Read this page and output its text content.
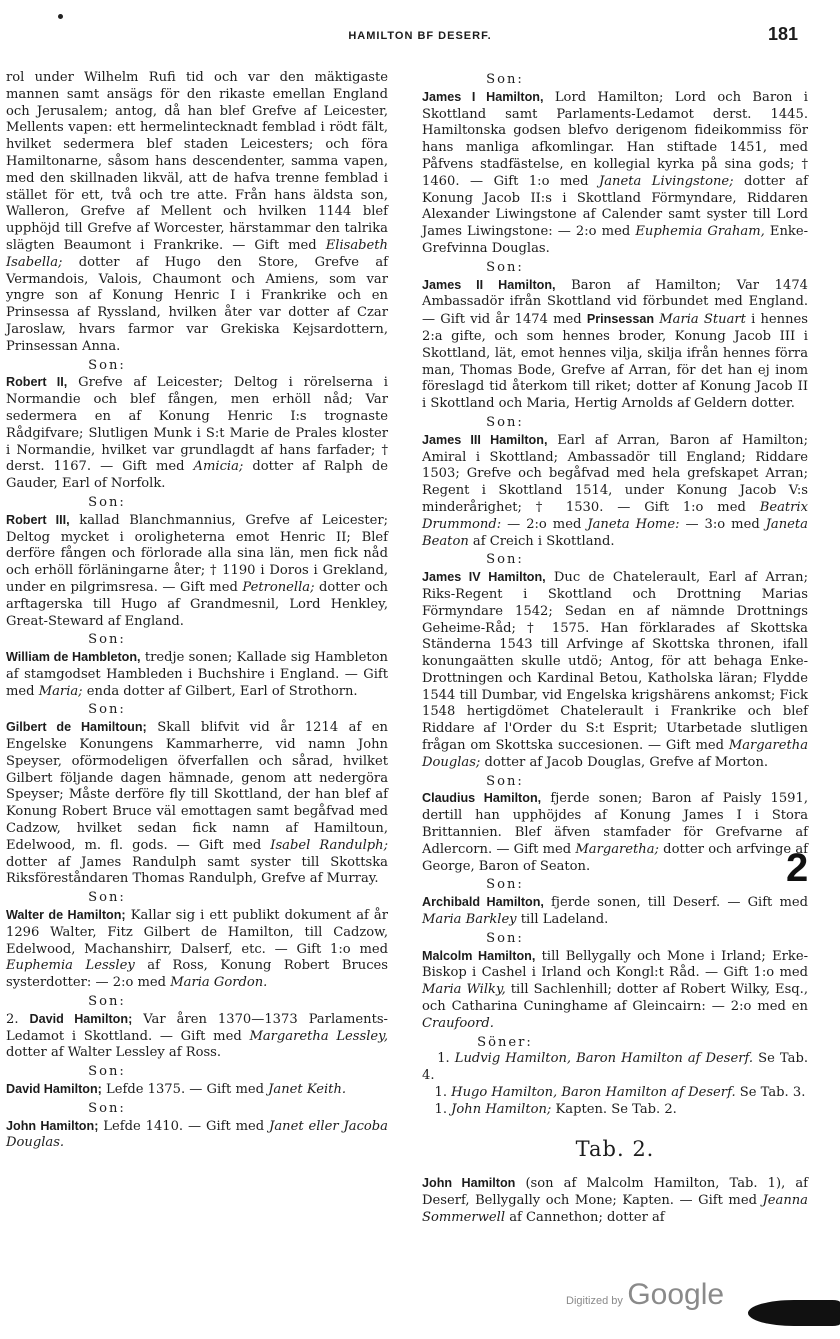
HAMILTON BF DESERF.	181
rol under Wilhelm Rufi tid och var den mäktigaste mannen samt ansägs för den rikaste emellan England och Jerusalem; antog, då han blef Grefve af Leicester, Mellents vapen: ett hermelintecknadt femblad i rödt fält, hvilket sedermera blef staden Leicesters; och föra Hamiltonarne, såsom hans descendenter, samma vapen, med den skillnaden likväl, att de hafva trenne femblad i stället för ett, två och tre atte. Från hans äldsta son, Walleron, Grefve af Mellent och hvilken 1144 blef upphöjd till Grefve af Worcester, härstammar den talrika slägten Beaumont i Frankrike. — Gift med Elisabeth Isabella; dotter af Hugo den Store, Grefve af Vermandois, Valois, Chaumont och Amiens, som var yngre son af Konung Henric I i Frankrike och en Prinsessa af Ryssland, hvilken åter var dotter af Czar Jaroslaw, hvars farmor var Grekiska Kejsardottern, Prinsessan Anna.
Son:
Robert II, Grefve af Leicester; Deltog i rörelserna i Normandie och blef fången, men erhöll nåd; Var sedermera en af Konung Henric I:s trognaste Rådgifvare; Slutligen Munk i S:t Marie de Prales kloster i Normandie, hvilket var grundlagdt af hans farfader; † derst. 1167. — Gift med Amicia; dotter af Ralph de Gauder, Earl of Norfolk.
Son:
Robert III, kallad Blanchmannius, Grefve af Leicester; Deltog mycket i oroligheterna emot Henric II; Blef derföre fången och förlorade alla sina län, men fick nåd och erhöll förläningarne åter; † 1190 i Doros i Grekland, under en pilgrimsresa. — Gift med Petronella; dotter och arftagerska till Hugo af Grandmesnil, Lord Henkley, Great-Steward af England.
Son:
William de Hambleton, tredje sonen; Kallade sig Hambleton af stamgodset Hambleden i Buchshire i England. — Gift med Maria; enda dotter af Gilbert, Earl of Strothorn.
Son:
Gilbert de Hamiltoun; Skall blifvit vid år 1214 af en Engelske Konungens Kammarherre, vid namn John Speyser, oförmodeligen öfverfallen och sårad, hvilket Gilbert följande dagen hämnade, genom att nedergöra Speyser; Måste derföre fly till Skottland, der han blef af Konung Robert Bruce väl emottagen samt begåfvad med Cadzow, hvilket sedan fick namn af Hamiltoun, Edelwood, m. fl. gods. — Gift med Isabel Randulph; dotter af James Randulph samt syster till Skottska Riksföreståndaren Thomas Randulph, Grefve af Murray.
Son:
Walter de Hamilton; Kallar sig i ett publikt dokument af år 1296 Walter, Fitz Gilbert de Hamilton, till Cadzow, Edelwood, Machanshirr, Dalserf, etc. — Gift 1:o med Euphemia Lessley af Ross, Konung Robert Bruces systerdotter: — 2:o med Maria Gordon.
Son:
2. David Hamilton; Var åren 1370—1373 Parlaments-Ledamot i Skottland. — Gift med Margaretha Lessley, dotter af Walter Lessley af Ross.
Son:
David Hamilton; Lefde 1375. — Gift med Janet Keith.
Son:
John Hamilton; Lefde 1410. — Gift med Janet eller Jacoba Douglas.
Son:
James I Hamilton, Lord Hamilton; Lord och Baron i Skottland samt Parlaments-Ledamot derst. 1445. Hamiltonska godsen blefvo derigenom fideikommiss för hans manliga afkomlingar. Han stiftade 1451, med Påfvens stadfästelse, en kollegial kyrka på sina gods; † 1460. — Gift 1:o med Janeta Livingstone; dotter af Konung Jacob II:s i Skottland Förmyndare, Riddaren Alexander Liwingstone af Calender samt syster till Lord James Liwingstone: — 2:o med Euphemia Graham, Enke-Grefvinna Douglas.
Son:
James II Hamilton, Baron af Hamilton; Var 1474 Ambassadör ifrån Skottland vid förbundet med England. — Gift vid år 1474 med Prinsessan Maria Stuart i hennes 2:a gifte, och som hennes broder, Konung Jacob III i Skottland, lät, emot hennes vilja, skilja ifrån hennes förra man, Thomas Bode, Grefve af Arran, för det han ej inom föreslagd tid återkom till riket; dotter af Konung Jacob II i Skottland och Maria, Hertig Arnolds af Geldern dotter.
Son:
James III Hamilton, Earl af Arran, Baron af Hamilton; Amiral i Skottland; Ambassadör till England; Riddare 1503; Grefve och begåfvad med hela grefskapet Arran; Regent i Skottland 1514, under Konung Jacob V:s minderårighet; † 1530. — Gift 1:o med Beatrix Drummond: — 2:o med Janeta Home: — 3:o med Janeta Beaton af Creich i Skottland.
Son:
James IV Hamilton, Duc de Chatelerault, Earl af Arran; Riks-Regent i Skottland och Drottning Marias Förmyndare 1542; Sedan en af nämnde Drottnings Geheime-Råd; † 1575. Han förklarades af Skottska Ständerna 1543 till Arfvinge af Skottska thronen, ifall konungaätten skulle utdö; Antog, för att behaga Enke-Drottningen och Kardinal Betou, Katholska läran; Flydde 1544 till Dumbar, vid Engelska krigshärens ankomst; Fick 1548 hertigdömet Chatelerault i Frankrike och blef Riddare af l'Order du S:t Esprit; Utarbetade slutligen frågan om Skottska succesionen. — Gift med Margaretha Douglas; dotter af Jacob Douglas, Grefve af Morton.
Son:
Claudius Hamilton, fjerde sonen; Baron af Paisly 1591, dertill han upphöjdes af Konung James I i Stora Brittannien. Blef äfven stamfader för Grefvarne af Adlercorn. — Gift med Margaretha; dotter och arfvinge af George, Baron of Seaton.
Son:
Archibald Hamilton, fjerde sonen, till Deserf. — Gift med Maria Barkley till Ladeland.
Son:
Malcolm Hamilton, till Bellygally och Mone i Irland; Erke-Biskop i Cashel i Irland och Kongl:t Råd. — Gift 1:o med Maria Wilky, till Sachlenhill; dotter af Robert Wilky, Esq., och Catharina Cuninghame af Gleincairn: — 2:o med en Craufoord.
Söner:
1. Ludvig Hamilton, Baron Hamilton af Deserf. Se Tab. 4.
1. Hugo Hamilton, Baron Hamilton af Deserf. Se Tab. 3.
1. John Hamilton; Kapten. Se Tab. 2.
Tab. 2.
John Hamilton (son af Malcolm Hamilton, Tab. 1), af Deserf, Bellygally och Mone; Kapten. — Gift med Jeanna Sommerwell af Cannethon; dotter af
2
Digitized by Google
